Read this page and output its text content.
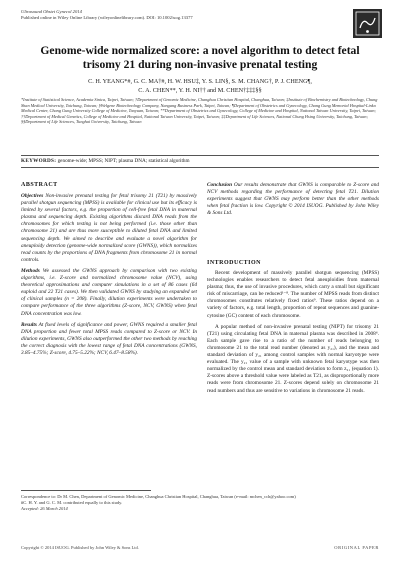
Ultrasound Obstet Gynecol 2014
Published online in Wiley Online Library (wileyonlinelibrary.com). DOI: 10.1002/uog.13377
Genome-wide normalized score: a novel algorithm to detect fetal trisomy 21 during non-invasive prenatal testing
C. H. YEANG*#, G. C. MA†#, H. W. HSU‡, Y. S. LIN§, S. M. CHANG†, P. J. CHENG¶,
C. A. CHEN**, Y. H. NI†† and M. CHEN†‡‡‡§§
*Institute of Statistical Science, Academia Sinica, Taipei, Taiwan; †Department of Genomic Medicine, Changhua Christian Hospital, Changhua, Taiwan; ‡Institute of Biochemistry and Biotechnology, Chung Shan Medical University, Taichung, Taiwan; §Welgene Biotechnology Company, Nangang Business Park, Taipei, Taiwan; ¶Department of Obstetrics and Gynecology, Chang Gung Memorial Hospital-Linko Medical Center, Chang Gung University College of Medicine, Taoyuan, Taiwan; **Department of Obstetrics and Gynecology, College of Medicine and Hospital, National Taiwan University, Taipei, Taiwan; ††Department of Medical Genetics, College of Medicine and Hospital, National Taiwan University, Taipei, Taiwan; ‡‡Department of Life Sciences, National Chung Hsing University, Taichung, Taiwan; §§Department of Life Sciences, Tunghai University, Taichung, Taiwan
KEYWORDS: genome-wide; MPSS; NIPT; plasma DNA; statistical algorithm
ABSTRACT

Objectives Non-invasive prenatal testing for fetal trisomy 21 (T21) by massively parallel shotgun sequencing (MPSS) is available for clinical use but its efficacy is limited by several factors, e.g. the proportion of cell-free fetal DNA in maternal plasma and sequencing depth. Existing algorithms discard DNA reads from the chromosomes for which testing is not being performed (i.e. those other than chromosome 21) and are thus more susceptible to diluted fetal DNA and limited sequencing depth. We aimed to describe and evaluate a novel algorithm for aneuploidy detection (genome-wide normalized score (GWNS)), which normalizes read counts by the proportions of DNA fragments from chromosome 21 in normal controls.

Methods We assessed the GWNS approach by comparison with two existing algorithms, i.e. Z-score and normalized chromosome value (NCV), using theoretical approximations and computer simulations in a set of 86 cases (64 euploid and 22 T21 cases). We then validated GWNS by studying an expanded set of clinical samples (n = 208). Finally, dilution experiments were undertaken to compare performance of the three algorithms (Z-score, NCV, GWNS) when fetal DNA concentration was low.

Results At fixed levels of significance and power, GWNS required a smaller fetal DNA proportion and fewer total MPSS reads compared to Z-score or NCV. In dilution experiments, GWNS also outperformed the other two methods by reaching the correct diagnosis with the lowest range of fetal DNA concentrations (GWNS, 3.85–4.75%; Z-score, 4.75–5.22%; NCV, 6.47–8.58%).

Conclusion Our results demonstrate that GWNS is comparable to Z-score and NCV methods regarding the performance of detecting fetal T21. Dilution experiments suggest that GWNS may perform better than the other methods when fetal fraction is low. Copyright © 2014 ISUOG. Published by John Wiley & Sons Ltd.

INTRODUCTION

Recent development of massively parallel shotgun sequencing (MPSS) technologies enables researchers to detect fetal aneuploidies from maternal plasma; thus, the use of invasive procedures, which carry a small but significant risk of miscarriage, can be reduced¹⁻⁸. The number of MPSS reads from distinct chromosomes constitutes relatively fixed ratios⁹. These ratios depend on a variety of factors, e.g. total length, proportion of repeat sequences and guanine-cytosine (GC) content of each chromosome.

A popular method of non-invasive prenatal testing (NIPT) for trisomy 21 (T21) using circulating fetal DNA in maternal plasma was described in 2008⁶. Each sample gave rise to a ratio of the number of reads belonging to chromosome 21 to the total read number (denoted as y₂₁), and the mean and standard deviation of y₂₁ among control samples with normal karyotype were evaluated. The y₂₁ value of a sample with unknown fetal karyotype was then normalized by the control mean and standard deviation to form z₂₁ (equation 1). Z-scores above a threshold value were labeled as T21, as disproportionally more reads were from chromosome 21. Z-scores depend solely on chromosome 21 read numbers and thus are sensitive to variations in chromosome 21 reads.

Correspondence to: Dr M. Chen, Department of Genomic Medicine, Changhua Christian Hospital, Changhua, Taiwan (e-mail: mchen_cch@yahoo.com)
#C. H. Y. and G. C. M. contributed equally to this study.
Accepted: 26 March 2014
Copyright © 2014 ISUOG. Published by John Wiley & Sons Ltd.	ORIGINAL PAPER
